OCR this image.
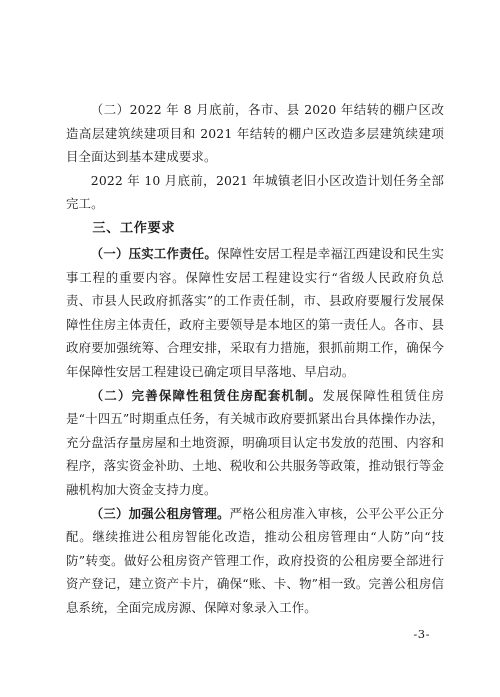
（二）2022 年 8 月底前，各市、县 2020 年结转的棚户区改造高层建筑续建项目和 2021 年结转的棚户区改造多层建筑续建项目全面达到基本建成要求。

2022 年 10 月底前，2021 年城镇老旧小区改造计划任务全部完工。

三、工作要求

（一）压实工作责任。保障性安居工程是幸福江西建设和民生实事工程的重要内容。保障性安居工程建设实行“省级人民政府负总责、市县人民政府抓落实”的工作责任制，市、县政府要履行发展保障性住房主体责任，政府主要领导是本地区的第一责任人。各市、县政府要加强统筹、合理安排，采取有力措施，狠抓前期工作，确保今年保障性安居工程建设已确定项目早落地、早启动。

（二）完善保障性租赁住房配套机制。发展保障性租赁住房是“十四五”时期重点任务，有关城市政府要抓紧出台具体操作办法，充分盘活存量房屋和土地资源，明确项目认定书发放的范围、内容和程序，落实资金补助、土地、税收和公共服务等政策，推动银行等金融机构加大资金支持力度。

（三）加强公租房管理。严格公租房准入审核，公平公平公正分配。继续推进公租房智能化改造，推动公租房管理由“人防”向“技防”转变。做好公租房资产管理工作，政府投资的公租房要全部进行资产登记，建立资产卡片，确保“账、卡、物”相一致。完善公租房信息系统，全面完成房源、保障对象录入工作。

-3-
